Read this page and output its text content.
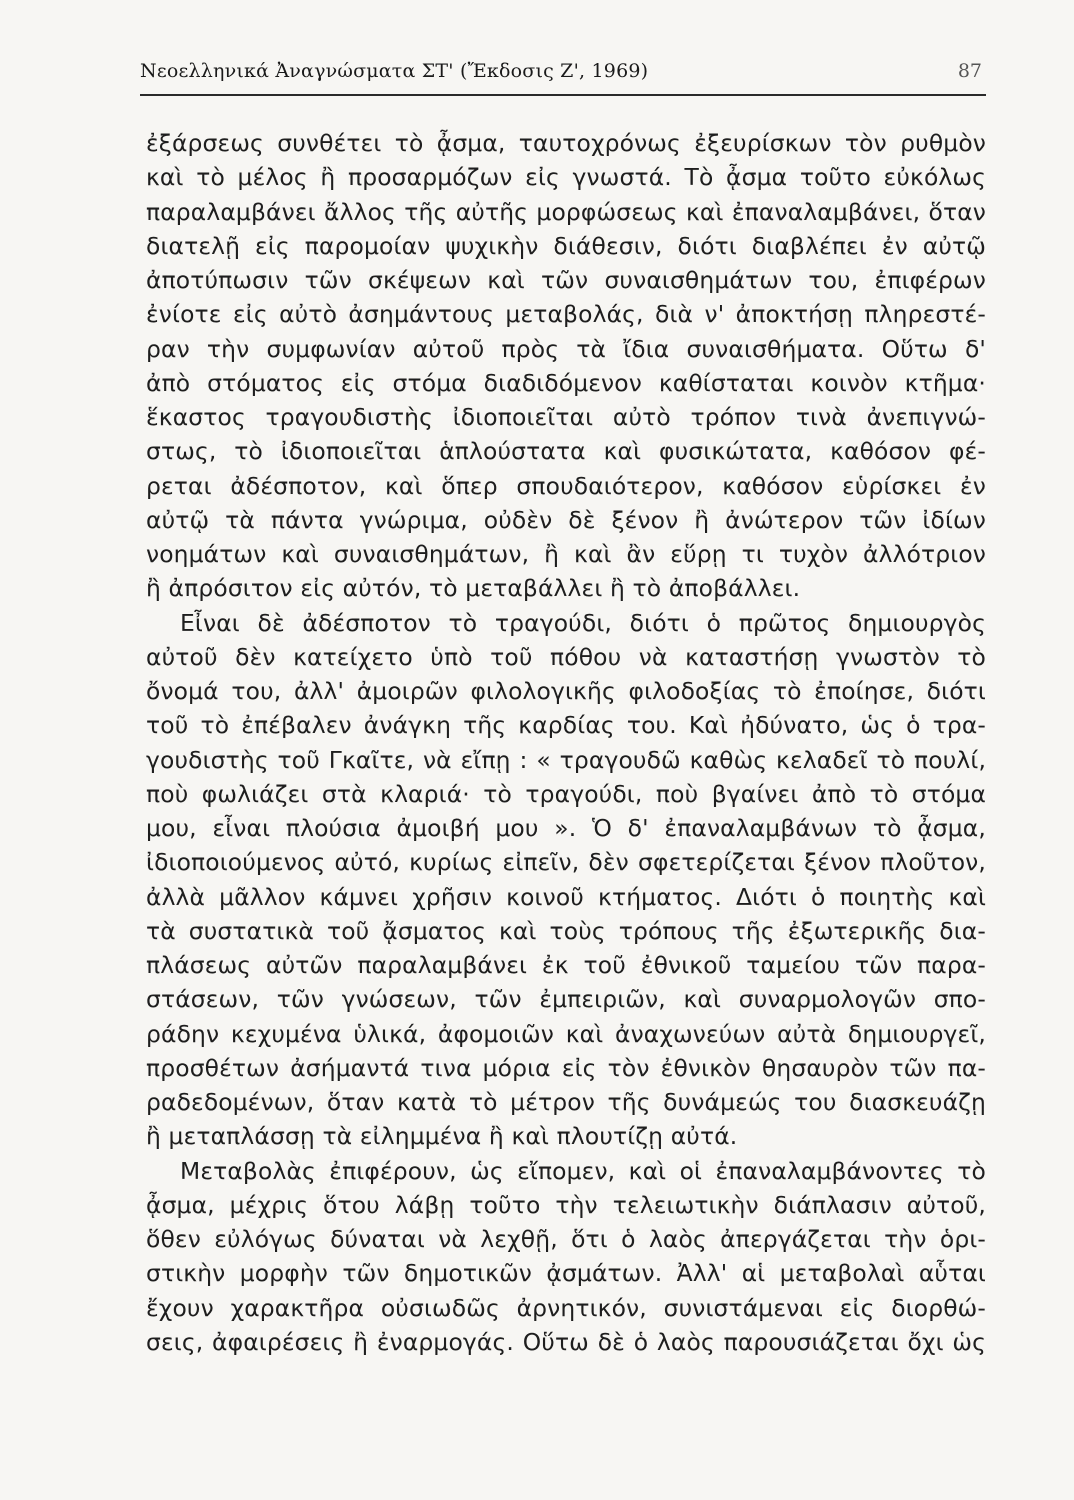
Νεοελληνικά Ἀναγνώσματα ΣΤ' (Ἔκδοσις Ζ', 1969)	87
ἐξάρσεως συνθέτει τὸ ᾆσμα, ταυτοχρόνως ἐξευρίσκων τὸν ρυθμὸν
καὶ τὸ μέλος ἢ προσαρμόζων εἰς γνωστά. Τὸ ᾆσμα τοῦτο εὐκόλως
παραλαμβάνει ἄλλος τῆς αὐτῆς μορφώσεως καὶ ἐπαναλαμβάνει, ὅταν
διατελῇ εἰς παρομοίαν ψυχικὴν διάθεσιν, διότι διαβλέπει ἐν αὐτῷ
ἀποτύπωσιν τῶν σκέψεων καὶ τῶν συναισθημάτων του, ἐπιφέρων
ἐνίοτε εἰς αὐτὸ ἀσημάντους μεταβολάς, διὰ ν' ἀποκτήσῃ πληρεστέ-
ραν τὴν συμφωνίαν αὐτοῦ πρὸς τὰ ἴδια συναισθήματα. Οὕτω δ'
ἀπὸ στόματος εἰς στόμα διαδιδόμενον καθίσταται κοινὸν κτῆμα·
ἕκαστος τραγουδιστὴς ἰδιοποιεῖται αὐτὸ τρόπον τινὰ ἀνεπιγνώ-
στως, τὸ ἰδιοποιεῖται ἁπλούστατα καὶ φυσικώτατα, καθόσον φέ-
ρεται ἀδέσποτον, καὶ ὅπερ σπουδαιότερον, καθόσον εὑρίσκει ἐν
αὐτῷ τὰ πάντα γνώριμα, οὐδὲν δὲ ξένον ἢ ἀνώτερον τῶν ἰδίων
νοημάτων καὶ συναισθημάτων, ἢ καὶ ἂν εὕρῃ τι τυχὸν ἀλλότριον
ἢ ἀπρόσιτον εἰς αὐτόν, τὸ μεταβάλλει ἢ τὸ ἀποβάλλει.
Εἶναι δὲ ἀδέσποτον τὸ τραγούδι, διότι ὁ πρῶτος δημιουργὸς
αὐτοῦ δὲν κατείχετο ὑπὸ τοῦ πόθου νὰ καταστήσῃ γνωστὸν τὸ
ὄνομά του, ἀλλ' ἀμοιρῶν φιλολογικῆς φιλοδοξίας τὸ ἐποίησε, διότι
τοῦ τὸ ἐπέβαλεν ἀνάγκη τῆς καρδίας του. Καὶ ἠδύνατο, ὡς ὁ τρα-
γουδιστὴς τοῦ Γκαῖτε, νὰ εἴπῃ : « τραγουδῶ καθὼς κελαδεῖ τὸ πουλί,
ποὺ φωλιάζει στὰ κλαριά· τὸ τραγούδι, ποὺ βγαίνει ἀπὸ τὸ στόμα
μου, εἶναι πλούσια ἀμοιβή μου ». Ὁ δ' ἐπαναλαμβάνων τὸ ᾆσμα,
ἰδιοποιούμενος αὐτό, κυρίως εἰπεῖν, δὲν σφετερίζεται ξένον πλοῦτον,
ἀλλὰ μᾶλλον κάμνει χρῆσιν κοινοῦ κτήματος. Διότι ὁ ποιητὴς καὶ
τὰ συστατικὰ τοῦ ᾄσματος καὶ τοὺς τρόπους τῆς ἐξωτερικῆς δια-
πλάσεως αὐτῶν παραλαμβάνει ἐκ τοῦ ἐθνικοῦ ταμείου τῶν παρα-
στάσεων, τῶν γνώσεων, τῶν ἐμπειριῶν, καὶ συναρμολογῶν σπο-
ράδην κεχυμένα ὑλικά, ἀφομοιῶν καὶ ἀναχωνεύων αὐτὰ δημιουργεῖ,
προσθέτων ἀσήμαντά τινα μόρια εἰς τὸν ἐθνικὸν θησαυρὸν τῶν πα-
ραδεδομένων, ὅταν κατὰ τὸ μέτρον τῆς δυνάμεώς του διασκευάζῃ
ἢ μεταπλάσσῃ τὰ εἰλημμένα ἢ καὶ πλουτίζῃ αὐτά.
Μεταβολὰς ἐπιφέρουν, ὡς εἴπομεν, καὶ οἱ ἐπαναλαμβάνοντες τὸ
ᾆσμα, μέχρις ὅτου λάβῃ τοῦτο τὴν τελειωτικὴν διάπλασιν αὐτοῦ,
ὅθεν εὐλόγως δύναται νὰ λεχθῇ, ὅτι ὁ λαὸς ἀπεργάζεται τὴν ὁρι-
στικὴν μορφὴν τῶν δημοτικῶν ᾀσμάτων. Ἀλλ' αἱ μεταβολαὶ αὗται
ἔχουν χαρακτῆρα οὐσιωδῶς ἀρνητικόν, συνιστάμεναι εἰς διορθώ-
σεις, ἀφαιρέσεις ἢ ἐναρμογάς. Οὕτω δὲ ὁ λαὸς παρουσιάζεται ὄχι ὡς
